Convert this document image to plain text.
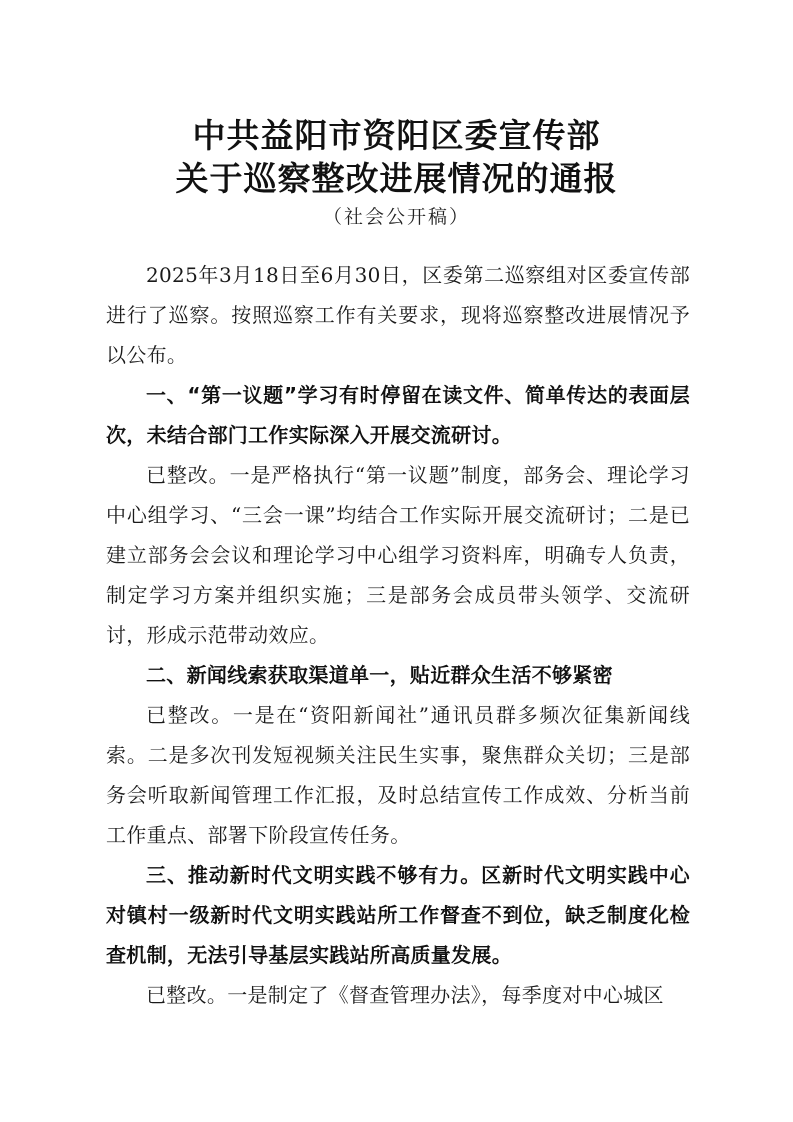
中共益阳市资阳区委宣传部
关于巡察整改进展情况的通报
（社会公开稿）

2025年3月18日至6月30日，区委第二巡察组对区委宣传部进行了巡察。按照巡察工作有关要求，现将巡察整改进展情况予以公布。

一、“第一议题”学习有时停留在读文件、简单传达的表面层次，未结合部门工作实际深入开展交流研讨。

已整改。一是严格执行“第一议题”制度，部务会、理论学习中心组学习、“三会一课”均结合工作实际开展交流研讨；二是已建立部务会会议和理论学习中心组学习资料库，明确专人负责，制定学习方案并组织实施；三是部务会成员带头领学、交流研讨，形成示范带动效应。

二、新闻线索获取渠道单一，贴近群众生活不够紧密

已整改。一是在“资阳新闻社”通讯员群多频次征集新闻线索。二是多次刊发短视频关注民生实事，聚焦群众关切；三是部务会听取新闻管理工作汇报，及时总结宣传工作成效、分析当前工作重点、部署下阶段宣传任务。

三、推动新时代文明实践不够有力。区新时代文明实践中心对镇村一级新时代文明实践站所工作督查不到位，缺乏制度化检查机制，无法引导基层实践站所高质量发展。

已整改。一是制定了《督查管理办法》，每季度对中心城区
